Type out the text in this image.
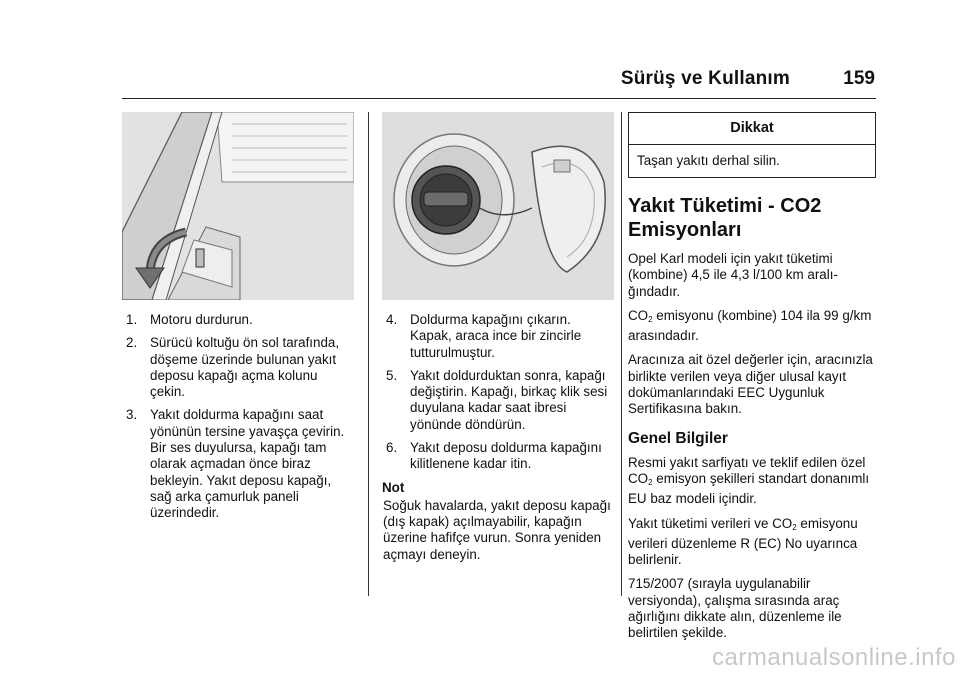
Sürüş ve Kullanım	159
1. Motoru durdurun.
2. Sürücü koltuğu ön sol tarafında, döşeme üzerinde bulunan yakıt deposu kapağı açma kolunu çekin.
3. Yakıt doldurma kapağını saat yönünün tersine yavaşça çevirin. Bir ses duyulursa, kapağı tam olarak açmadan önce biraz bekleyin. Yakıt deposu kapağı, sağ arka çamurluk paneli üzerindedir.
4. Doldurma kapağını çıkarın. Kapak, araca ince bir zincirle tutturulmuştur.
5. Yakıt doldurduktan sonra, kapağı değiştirin. Kapağı, birkaç klik sesi duyulana kadar saat ibresi yönünde döndürün.
6. Yakıt deposu doldurma kapağını kilitlenene kadar itin.
Not

Soğuk havalarda, yakıt deposu kapağı (dış kapak) açılmayabilir, kapağın üzerine hafifçe vurun. Sonra yeniden açmayı deneyin.

Dikkat
Taşan yakıtı derhal silin.
Yakıt Tüketimi - CO2 Emisyonları

Opel Karl modeli için yakıt tüketimi (kombine) 4,5 ile 4,3 l/100 km aralı-ğındadır.

$CO_2$ emisyonu (kombine) 104 ila 99 g/km arasındadır.

Aracınıza ait özel değerler için, aracınızla birlikte verilen veya diğer ulusal kayıt dokümanlarındaki EEC Uygunluk Sertifikasına bakın.

Genel Bilgiler

Resmi yakıt sarfiyatı ve teklif edilen özel $CO_2$ emisyon şekilleri standart donanımlı EU baz modeli içindir.

Yakıt tüketimi verileri ve $CO_2$ emisyonu verileri düzenleme R (EC) No uyarınca belirlenir.

715/2007 (sırayla uygulanabilir versiyonda), çalışma sırasında araç ağırlığını dikkate alın, düzenleme ile belirtilen şekilde.

carmanualsonline.info
